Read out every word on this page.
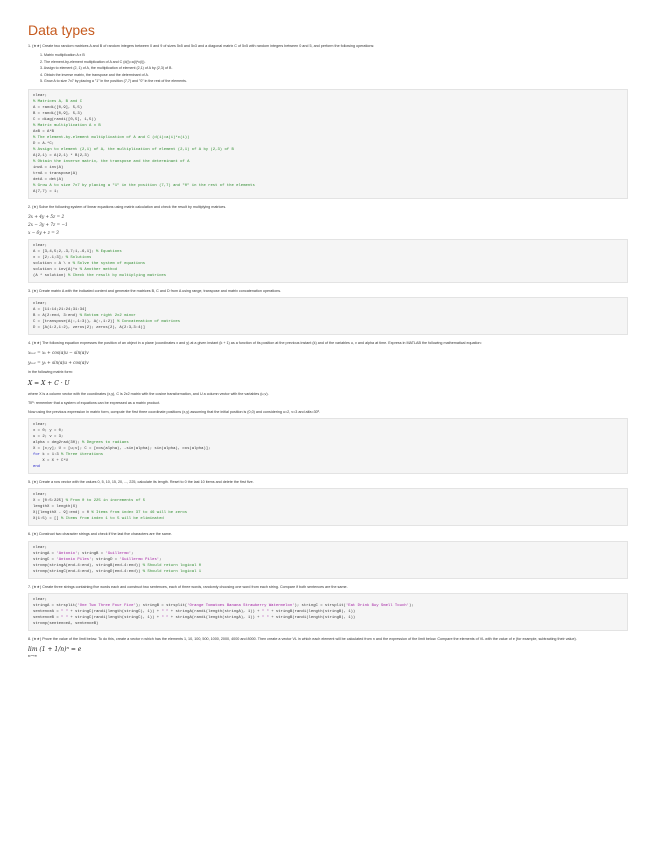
Data types

1. (★★) Create two random matrices A and B of random integers between 0 and 9 of sizes 5x5 and 5x3 and a diagonal matrix C of 5x5 with random integers between 0 and 5, and perform the following operations:

1. Matrix multiplication A x B
2. The element-by-element multiplication of A and C (d(i)=a(i)*c(i)).
3. Assign to element (2, 1) of A, the multiplication of element (2,1) of A by (2,3) of B.
4. Obtain the inverse matrix, the transpose and the determinant of A.
5. Grow A to size 7x7 by placing a "1" in the position (7,7) and "0" in the rest of the elements.
clear;
% Matrices A, B and C
A = randi([0,9], 5,5)
B = randi([0,9], 5,3)
C = diag(randi([0,5], 1,5))
% Matrix multiplication A x B
AxB = A*B
% The element-by-element multiplication of A and C (d(i)=a(i)*c(i))
D = A.*C;
% Assign to element (2,1) of A, the multiplication of element (2,1) of A by (2,3) of B
A(2,1) = A(2,1) * B(2,3)
% Obtain the inverse matrix, the transpose and the determinant of A
invA = inv(A)
trnA = transpose(A)
detA = det(A)
% Grow A to size 7x7 by placing a "1" in the position (7,7) and "0" in the rest of the elements
A(7,7) = 1;

2. (★) Solve the following system of linear equations using matrix calculation and check the result by multiplying matrices.

3x + 4y + 5z = 2
2x − 3y + 7z = −1
x − 6y + z = 3
clear;
A = [3,4,5;2,-3,7;1,-6,1]; % Equations
x = [2;-1;3]; % Solutions
solution = A \ x % Solve the system of equations
solution = inv(A)*x % Another method
(A * solution) % Check the result by multiplying matrices

3. (★) Create matrix A with the indicated content and generate the matrices B, C and D from A using range, transpose and matrix concatenation operations.

clear;
A = [11:14;21:24;31:34]
B = A(2:end, 3:end) % Bottom right 2x2 minor
C = [transpose(A(:,1:3)), A(:,1:2)] % Concatenation of matrices
D = [A(1:2,1:2), zeros(2); zeros(2), A(2:3,3:4)]

4. (★★) The following equation expresses the position of an object in a plane (coordinates x and y) at a given instant (k + 1) as a function of its position at the previous instant (k) and of the variables u, v and alpha at time. Express in MATLAB the following mathematical equation:

xₖ₊₁ = xₖ + cos(α)u − sin(α)v
yₖ₊₁ = yₖ + sin(α)u + cos(α)v

in the following matrix form:

X = X + C · U

where X is a column vector with the coordinates (x,y), C is 2x2 matrix with the cosine transformation, and U a column vector with the variables (u,v).

TIP: remember that a system of equations can be expressed as a matrix product.

Now using the previous expression in matrix form, compute the first three coordinate positions (x,y) assuming that the initial position is (0,0) and considering u=2, v=3 and alfa=30º.

clear;
x = 0; y = 0;
u = 2; v = 3;
alpha = deg2rad(30); % Degrees to radians
X = [x;y]; U = [u;v]; C = [cos(alpha), -sin(alpha); sin(alpha), cos(alpha)];
for k = 1:3 % Three iterations
X = X + C*U
end

5. (★) Create a row vector with the values 0, 5, 10, 15, 20, ..., 225, calculate its length. Reset to 0 the last 10 items and delete the first five.

clear;
X = [0:5:225] % From 0 to 225 in increments of 5
lengthX = length(X)
X([lengthX - 9]:end) = 0 % Items from index 37 to 46 will be zeros
X(1:5) = [] % Items from index 1 to 5 will be eliminated

6. (★) Construct two character strings and check if the last five characters are the same.

clear;
stringA = 'Antonio'; stringB = 'Guillermo';
stringC = 'Antonio Piles'; stringD = 'Guillermo Piles';
strcmp(stringA(end-4:end), stringB(end-4:end)) % Should return logical 0
strcmp(stringC(end-4:end), stringD(end-4:end)) % Should return logical 1

7. (★★) Create three strings containing five words each and construct two sentences, each of three words, randomly choosing one word from each string. Compare if both sentences are the same.

clear;
stringA = strsplit('One Two Three Four Five'); stringB = strsplit('Orange Tomatoes Banana Strawberry Watermelon'); stringC = strsplit('Eat Drink Buy Smell Touch');
sentenceA = " " + stringC(randi(length(stringC), 1)) + " " + stringA(randi(length(stringA), 1)) + " " + stringB(randi(length(stringB), 1))
sentenceB = " " + stringC(randi(length(stringC), 1)) + " " + stringA(randi(length(stringA), 1)) + " " + stringB(randi(length(stringB), 1))
strcmp(sentenceA, sentenceB)

8. (★★) Prove the value of the limit below. To do this, create a vector n which has the elements 1, 10, 100, 500, 1000, 2000, 4000 and 8000. Then create a vector VL in which each element will be calculated from n and the expression of the limit below. Compare the elements of VL with the value of e (for example, subtracting their value).

lim (1 + 1/n)ⁿ = e
n→∞
